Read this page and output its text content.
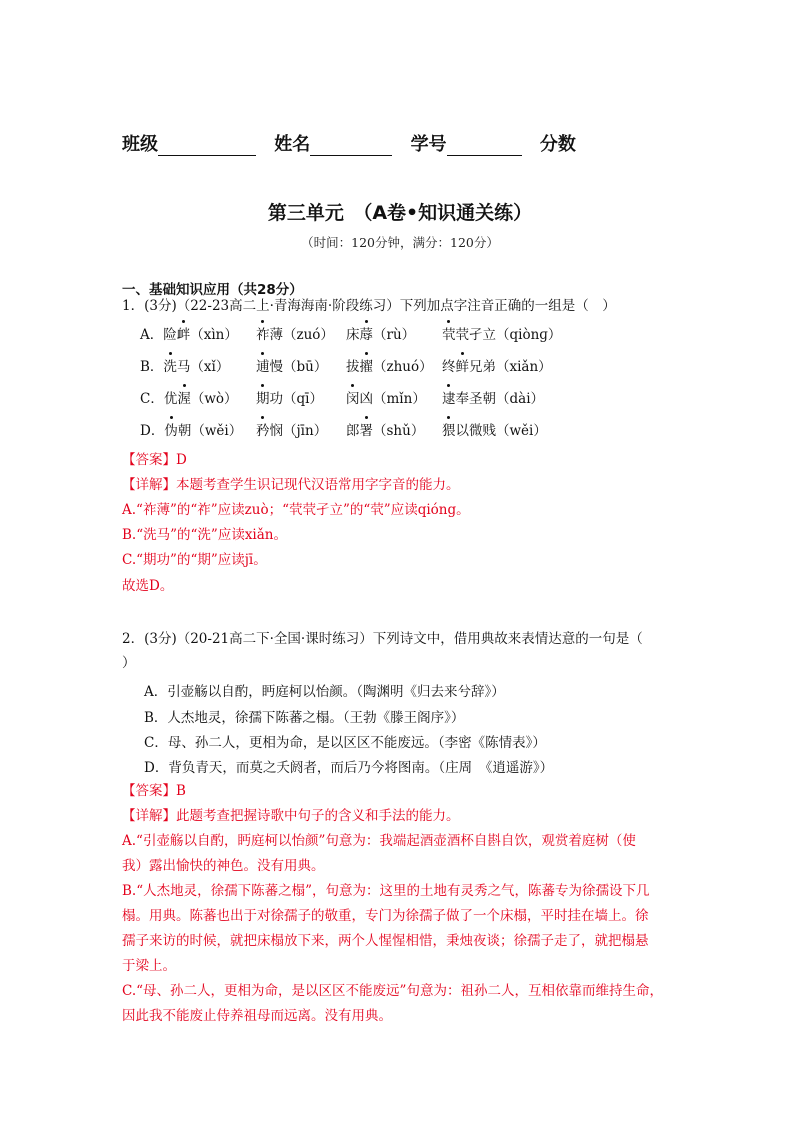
班级	姓名	学号	分数
第三单元　（A卷•知识通关练）
（时间：120分钟，满分：120分）
一、基础知识应用（共28分）
1．(3分)（22-23高二上·青海海南·阶段练习）下列加点字注音正确的一组是（　）
A．险衅（xìn） 祚薄（zuó） 床蓐（rù） 茕茕孑立（qiònɡ）
B．洗马（xǐ） 逋慢（bū） 拔擢（zhuó） 终鲜兄弟（xiǎn）
C．优渥（wò） 期功（qī） 闵凶（mǐn） 逮奉圣朝（dài）
D．伪朝（wěi） 矜悯（jīn） 郎署（shǔ） 猥以微贱（wěi）
【答案】D
【详解】本题考查学生识记现代汉语常用字字音的能力。
A.“祚薄”的“祚”应读zuò；“茕茕孑立”的“茕”应读qióng。
B.“洗马”的“洗”应读xiǎn。
C.“期功”的“期”应读jī。
故选D。
2．(3分)（20-21高二下·全国·课时练习）下列诗文中，借用典故来表情达意的一句是（
）
A．引壶觞以自酌，眄庭柯以怡颜。（陶渊明《归去来兮辞》）
B．人杰地灵，徐孺下陈蕃之榻。（王勃《滕王阁序》）
C．母、孙二人，更相为命，是以区区不能废远。（李密《陈情表》）
D．背负青天，而莫之夭阏者，而后乃今将图南。（庄周　《逍遥游》）
【答案】B
【详解】此题考查把握诗歌中句子的含义和手法的能力。
A.“引壶觞以自酌，眄庭柯以怡颜”句意为：我端起酒壶酒杯自斟自饮，观赏着庭树（使
我）露出愉快的神色。没有用典。
B.“人杰地灵，徐孺下陈蕃之榻”，句意为：这里的土地有灵秀之气，陈蕃专为徐孺设下几
榻。用典。陈蕃也出于对徐孺子的敬重，专门为徐孺子做了一个床榻，平时挂在墙上。徐
孺子来访的时候，就把床榻放下来，两个人惺惺相惜，秉烛夜谈；徐孺子走了，就把榻悬
于梁上。
C.“母、孙二人，更相为命，是以区区不能废远”句意为：祖孙二人，互相依靠而维持生命，
因此我不能废止侍养祖母而远离。没有用典。
